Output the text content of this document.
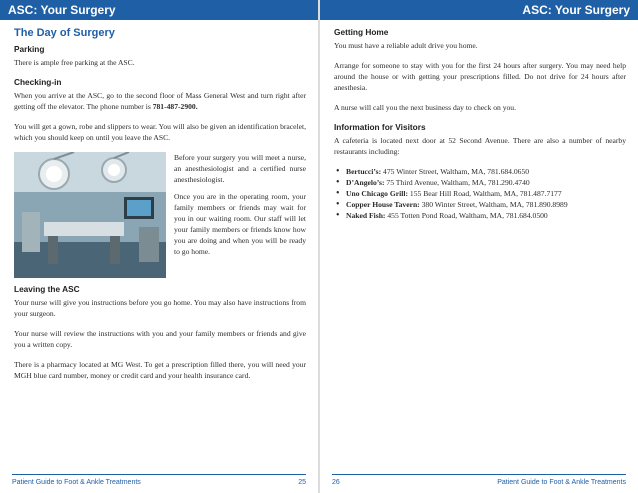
ASC: Your Surgery
The Day of Surgery
Parking

There is ample free parking at the ASC.

Checking-in

When you arrive at the ASC, go to the second floor of Mass General West and turn right after getting off the elevator. The phone number is 781-487-2900.

You will get a gown, robe and slippers to wear. You will also be given an identification bracelet, which you should keep on until you leave the ASC.

Before your surgery you will meet a nurse, an anesthesiologist and a certified nurse anesthesiologist.

Once you are in the operating room, your family members or friends may wait for you in our waiting room. Our staff will let your family members or friends know how you are doing and when you will be ready to go home.

Leaving the ASC

Your nurse will give you instructions before you go home. You may also have instructions from your surgeon.

Your nurse will review the instructions with you and your family members or friends and give you a written copy.

There is a pharmacy located at MG West. To get a prescription filled there, you will need your MGH blue card number, money or credit card and your health insurance card.

Patient Guide to Foot & Ankle Treatments	25
ASC: Your Surgery
Getting Home

You must have a reliable adult drive you home.

Arrange for someone to stay with you for the first 24 hours after surgery. You may need help around the house or with getting your prescriptions filled. Do not drive for 24 hours after anesthesia.

A nurse will call you the next business day to check on you.

Information for Visitors

A cafeteria is located next door at 52 Second Avenue. There are also a number of nearby restaurants including:

• Bertucci’s: 475 Winter Street, Waltham, MA, 781.684.0650
• D’Angelo’s: 75 Third Avenue, Waltham, MA, 781.290.4740
• Uno Chicago Grill: 155 Bear Hill Road, Waltham, MA, 781.487.7177
• Copper House Tavern: 380 Winter Street, Waltham, MA, 781.890.8989
• Naked Fish: 455 Totten Pond Road, Waltham, MA, 781.684.0500
26	Patient Guide to Foot & Ankle Treatments
